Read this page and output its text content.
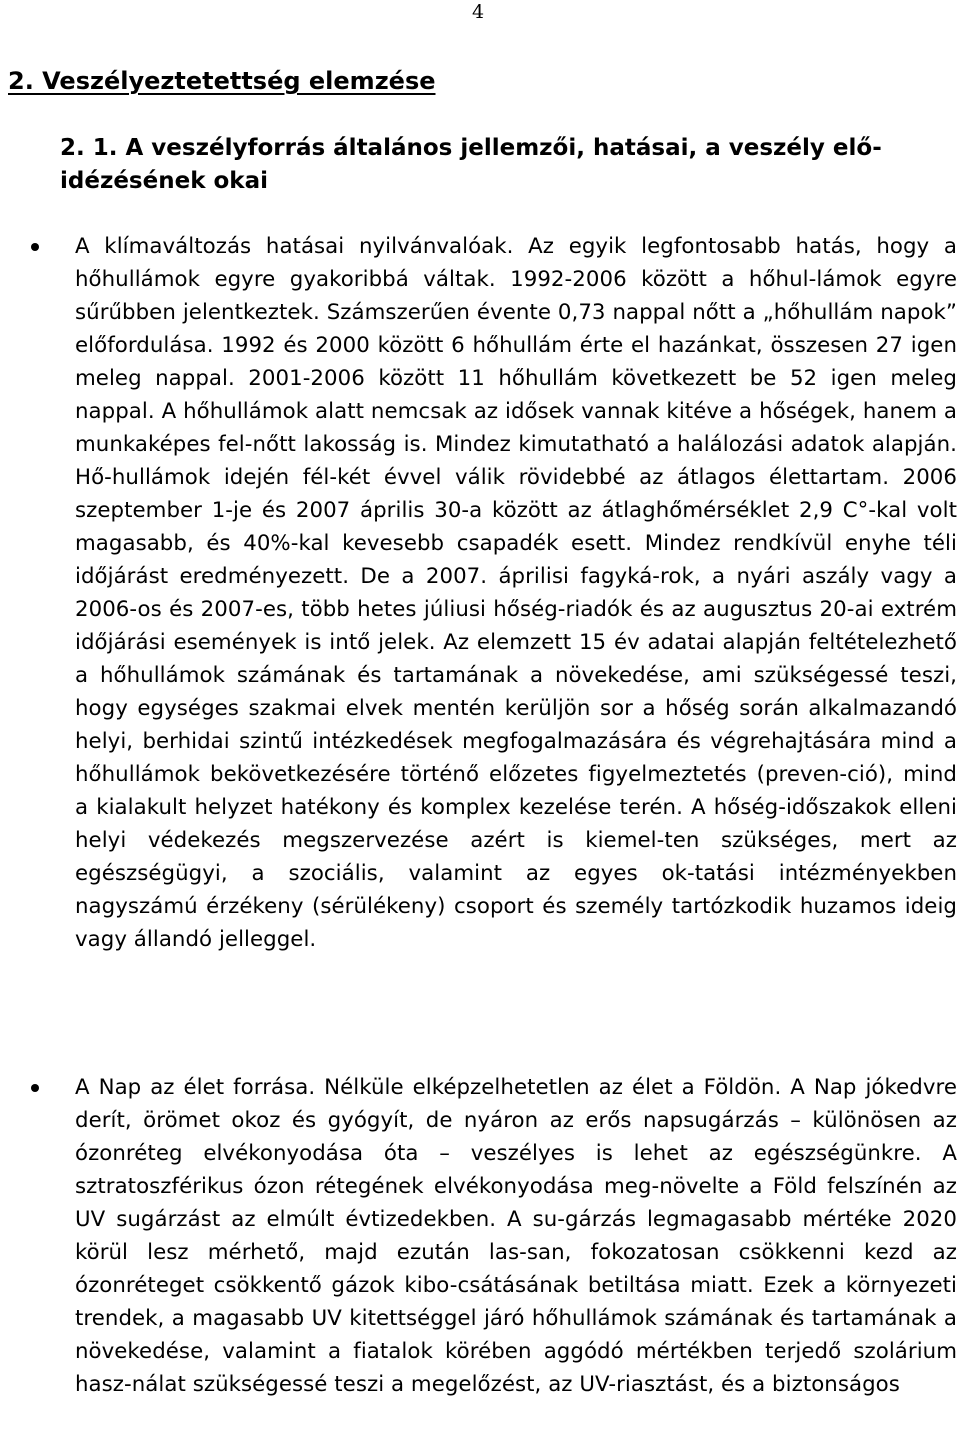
4
2. Veszélyeztetettség elemzése
2. 1. A veszélyforrás általános jellemzői, hatásai, a veszély elő-idézésének okai

A klímaváltozás hatásai nyilvánvalóak. Az egyik legfontosabb hatás, hogy a hőhullámok egyre gyakoribbá váltak. 1992-2006 között a hőhul-lámok egyre sűrűbben jelentkeztek. Számszerűen évente 0,73 nappal nőtt a „hőhullám napok” előfordulása. 1992 és 2000 között 6 hőhullám érte el hazánkat, összesen 27 igen meleg nappal. 2001-2006 között 11 hőhullám következett be 52 igen meleg nappal. A hőhullámok alatt nemcsak az idősek vannak kitéve a hőségek, hanem a munkaképes fel-nőtt lakosság is. Mindez kimutatható a halálozási adatok alapján. Hő-hullámok idején fél-két évvel válik rövidebbé az átlagos élettartam. 2006 szeptember 1-je és 2007 április 30-a között az átlaghőmérséklet 2,9 C°-kal volt magasabb, és 40%-kal kevesebb csapadék esett. Mindez rendkívül enyhe téli időjárást eredményezett. De a 2007. áprilisi fagyká-rok, a nyári aszály vagy a 2006-os és 2007-es, több hetes júliusi hőség-riadók és az augusztus 20-ai extrém időjárási események is intő jelek. Az elemzett 15 év adatai alapján feltételezhető a hőhullámok számának és tartamának a növekedése, ami szükségessé teszi, hogy egységes szakmai elvek mentén kerüljön sor a hőség során alkalmazandó helyi, berhidai szintű intézkedések megfogalmazására és végrehajtására mind a hőhullámok bekövetkezésére történő előzetes figyelmeztetés (preven-ció), mind a kialakult helyzet hatékony és komplex kezelése terén. A hőség-időszakok elleni helyi védekezés megszervezése azért is kiemel-ten szükséges, mert az egészségügyi, a szociális, valamint az egyes ok-tatási intézményekben nagyszámú érzékeny (sérülékeny) csoport és személy tartózkodik huzamos ideig vagy állandó jelleggel.

A Nap az élet forrása. Nélküle elképzelhetetlen az élet a Földön. A Nap jókedvre derít, örömet okoz és gyógyít, de nyáron az erős napsugárzás – különösen az ózonréteg elvékonyodása óta – veszélyes is lehet az egészségünkre. A sztratoszférikus ózon rétegének elvékonyodása meg-növelte a Föld felszínén az UV sugárzást az elmúlt évtizedekben. A su-gárzás legmagasabb mértéke 2020 körül lesz mérhető, majd ezután las-san, fokozatosan csökkenni kezd az ózonréteget csökkentő gázok kibo-csátásának betiltása miatt. Ezek a környezeti trendek, a magasabb UV kitettséggel járó hőhullámok számának és tartamának a növekedése, valamint a fiatalok körében aggódó mértékben terjedő szolárium hasz-nálat szükségessé teszi a megelőzést, az UV-riasztást, és a biztonságos
